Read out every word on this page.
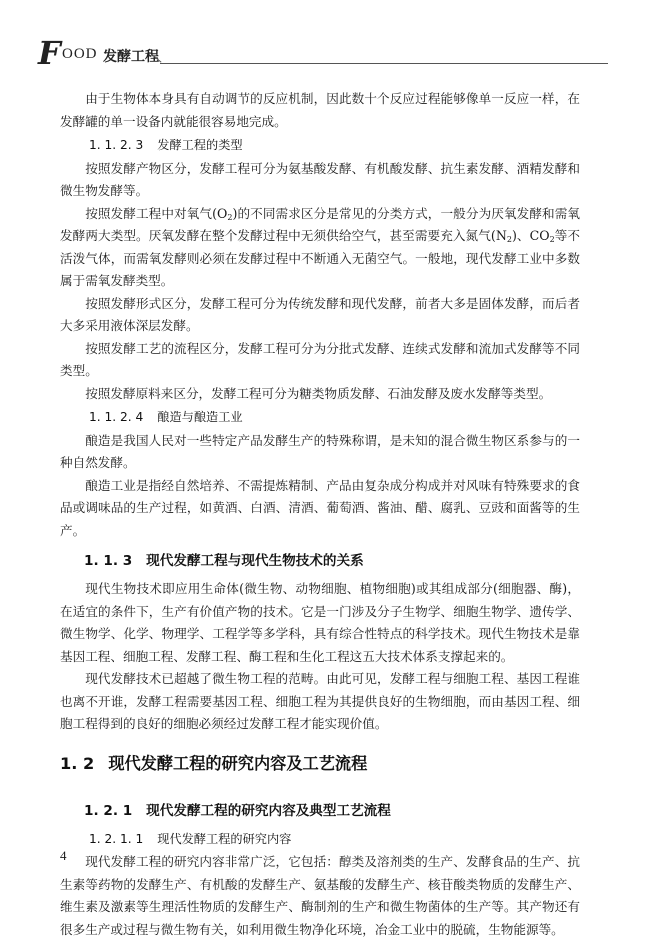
F OOD 发酵工程

由于生物体本身具有自动调节的反应机制，因此数十个反应过程能够像单一反应一样，在发酵罐的单一设备内就能很容易地完成。

1. 1. 2. 3 发酵工程的类型

按照发酵产物区分，发酵工程可分为氨基酸发酵、有机酸发酵、抗生素发酵、酒精发酵和微生物发酵等。

按照发酵工程中对氧气$(O_2)$的不同需求区分是常见的分类方式，一般分为厌氧发酵和需氧发酵两大类型。厌氧发酵在整个发酵过程中无须供给空气，甚至需要充入氮气$(N_2)$、$CO_2$等不活泼气体，而需氧发酵则必须在发酵过程中不断通入无菌空气。一般地，现代发酵工业中多数属于需氧发酵类型。

按照发酵形式区分，发酵工程可分为传统发酵和现代发酵，前者大多是固体发酵，而后者大多采用液体深层发酵。

按照发酵工艺的流程区分，发酵工程可分为分批式发酵、连续式发酵和流加式发酵等不同类型。

按照发酵原料来区分，发酵工程可分为糖类物质发酵、石油发酵及废水发酵等类型。

1. 1. 2. 4 酿造与酿造工业

酿造是我国人民对一些特定产品发酵生产的特殊称谓，是未知的混合微生物区系参与的一种自然发酵。

酿造工业是指经自然培养、不需提炼精制、产品由复杂成分构成并对风味有特殊要求的食品或调味品的生产过程，如黄酒、白酒、清酒、葡萄酒、酱油、醋、腐乳、豆豉和面酱等的生产。

1. 1. 3 现代发酵工程与现代生物技术的关系

现代生物技术即应用生命体(微生物、动物细胞、植物细胞)或其组成部分(细胞器、酶)，在适宜的条件下，生产有价值产物的技术。它是一门涉及分子生物学、细胞生物学、遗传学、微生物学、化学、物理学、工程学等多学科，具有综合性特点的科学技术。现代生物技术是靠基因工程、细胞工程、发酵工程、酶工程和生化工程这五大技术体系支撑起来的。

现代发酵技术已超越了微生物工程的范畴。由此可见，发酵工程与细胞工程、基因工程谁也离不开谁，发酵工程需要基因工程、细胞工程为其提供良好的生物细胞，而由基因工程、细胞工程得到的良好的细胞必须经过发酵工程才能实现价值。

1. 2 现代发酵工程的研究内容及工艺流程
1. 2. 1 现代发酵工程的研究内容及典型工艺流程
1. 2. 1. 1 现代发酵工程的研究内容

现代发酵工程的研究内容非常广泛，它包括：醇类及溶剂类的生产、发酵食品的生产、抗生素等药物的发酵生产、有机酸的发酵生产、氨基酸的发酵生产、核苷酸类物质的发酵生产、维生素及激素等生理活性物质的发酵生产、酶制剂的生产和微生物菌体的生产等。其产物还有很多生产或过程与微生物有关，如利用微生物净化环境，冶金工业中的脱硫，生物能源等。

4
